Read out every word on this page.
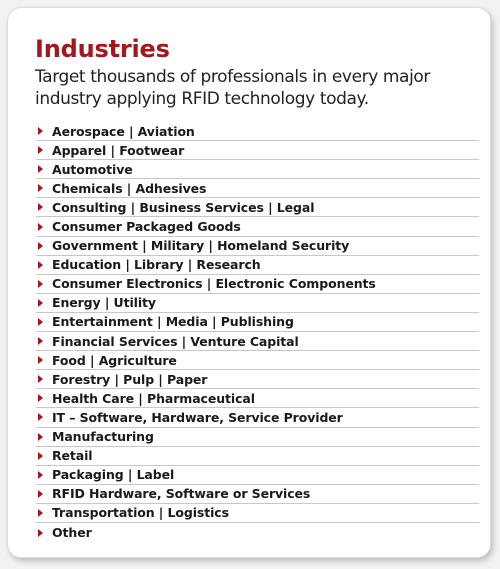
Industries

Target thousands of professionals in every major industry applying RFID technology today.

Aerospace | Aviation
Apparel | Footwear
Automotive
Chemicals | Adhesives
Consulting | Business Services | Legal
Consumer Packaged Goods
Government | Military | Homeland Security
Education | Library | Research
Consumer Electronics | Electronic Components
Energy | Utility
Entertainment | Media | Publishing
Financial Services | Venture Capital
Food | Agriculture
Forestry | Pulp | Paper
Health Care | Pharmaceutical
IT – Software, Hardware, Service Provider
Manufacturing
Retail
Packaging | Label
RFID Hardware, Software or Services
Transportation | Logistics
Other
